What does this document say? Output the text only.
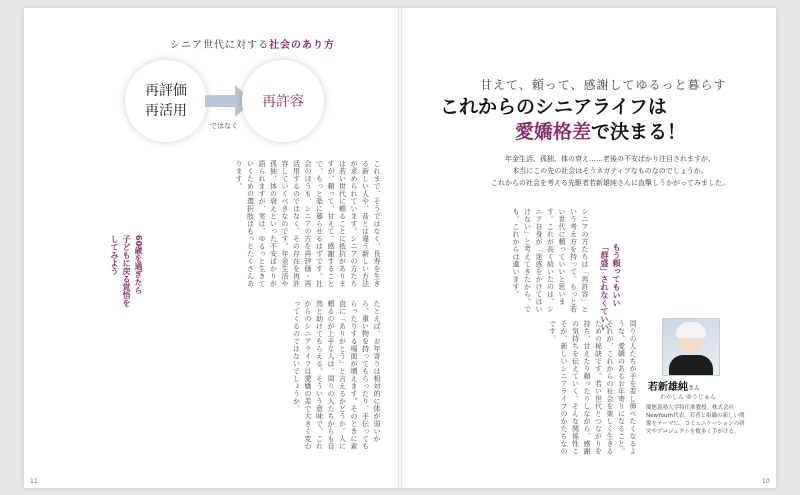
シニア世代に対する社会のあり方
再評価
再活用
ではなく
再許容
甘えて、頼って、感謝してゆるっと暮らす
これからのシニアライフは
愛嬌格差で決まる！
年金生活、孤独、体の衰え……老後の不安ばかり注目されますが、
本当にこの先の社会はそうネガティブなものなのでしょうか。
これからの社会を考える先駆者若新雄純さんに直撃しうかがってみました。
これまで、そうではなく、長寿を生きる新しい人や、昔とは違う新しい方法が求められています。シニアの方たちは若い世代に頼ることに抵抗がありますが、頼って、甘えて、感謝することで、もっと楽に暮らせるはずです。社会のほうも、シニアの方を再評価・再活用するのではなく、その存在を再許容していくべきなのです。年金生活や孤独、体の衰えといった不安ばかりが語られますが、実は、ゆるっと生きていくための選択肢はもっとたくさんあります。
たとえば、お年寄りは相対的に体が弱いから、重い物を持ってもらったり、手伝ってもらったりする場面が増えます。そのときに素直に「ありがとう」と言えるかどうか。人に頼るのが上手な人は、周りの人たちからも自然と助けてもらえる。そういう意味で、これからのシニアライフは愛嬌の差で大きく変わってくるのではないでしょうか。
シニアの方たちは「再許容」という考え方を持って、もっと若い世代に頼っていいと思います。これが長く続いたのは、シニア自身が「迷惑をかけてはいけない」と考えてきたから。でも、これからは違います。
周りの人たちが手を差し伸べたくなるような、愛嬌のあるお年寄りになること。それが、これからの社会を楽しく生きるための秘訣です。若い世代とつながりを持ち、甘えたり頼ったりしながら、感謝の気持ちを伝えていく。そんな関係性こそが、新しいシニアライフのかたちなのです。
60歳を過ぎたら
子どもに戻る覚悟を
してみよう	もう頼ってもいい
「群盛」されなくていい
若新雄純さん
わかしん ゆうじゅん
慶應義塾大学特任准教授。株式会社NewYouth代表。若者と組織の新しい関係をテーマに、コミュニケーションの研究やプロジェクトを数多く手がける。
11	10
